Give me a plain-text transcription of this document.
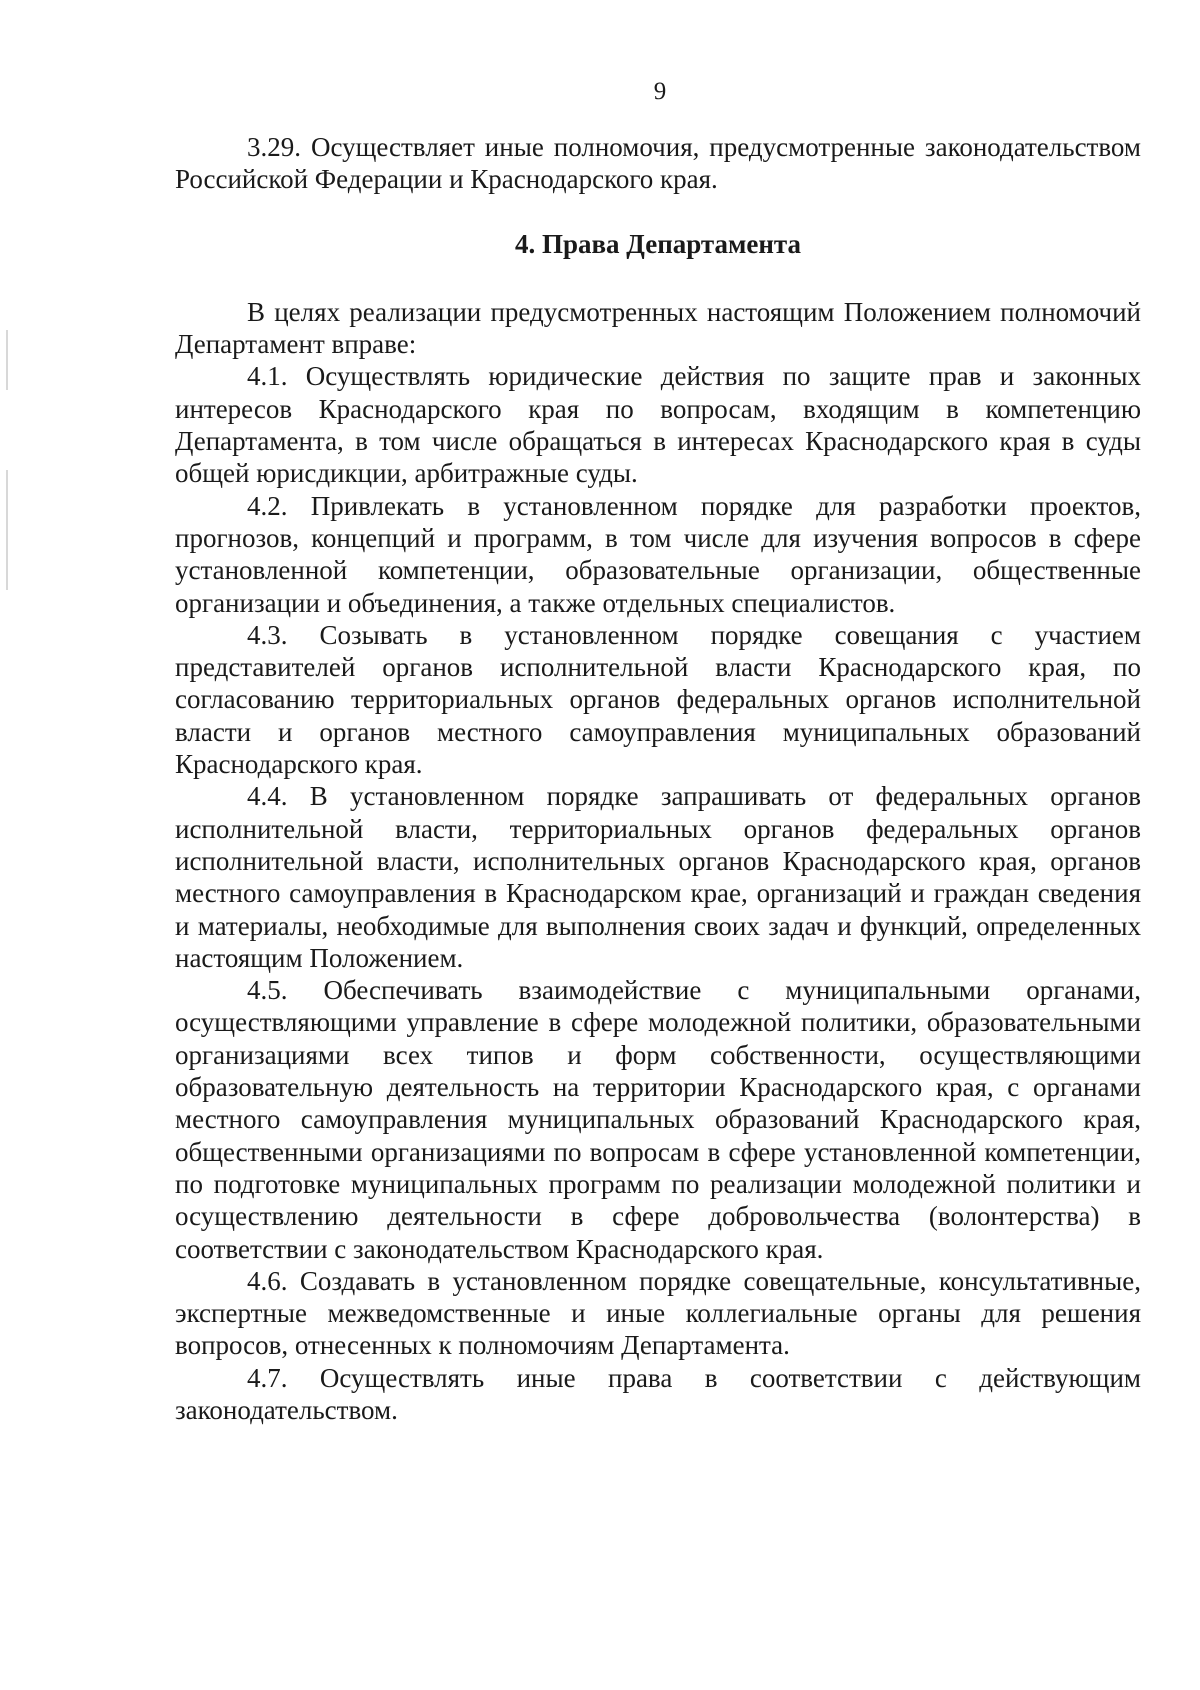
9

3.29. Осуществляет иные полномочия, предусмотренные законодательством Российской Федерации и Краснодарского края.

4. Права Департамента

В целях реализации предусмотренных настоящим Положением полномочий Департамент вправе:

4.1. Осуществлять юридические действия по защите прав и законных интересов Краснодарского края по вопросам, входящим в компетенцию Департамента, в том числе обращаться в интересах Краснодарского края в суды общей юрисдикции, арбитражные суды.

4.2. Привлекать в установленном порядке для разработки проектов, прогнозов, концепций и программ, в том числе для изучения вопросов в сфере установленной компетенции, образовательные организации, общественные организации и объединения, а также отдельных специалистов.

4.3. Созывать в установленном порядке совещания с участием представителей органов исполнительной власти Краснодарского края, по согласованию территориальных органов федеральных органов исполнительной власти и органов местного самоуправления муниципальных образований Краснодарского края.

4.4. В установленном порядке запрашивать от федеральных органов исполнительной власти, территориальных органов федеральных органов исполнительной власти, исполнительных органов Краснодарского края, органов местного самоуправления в Краснодарском крае, организаций и граждан сведения и материалы, необходимые для выполнения своих задач и функций, определенных настоящим Положением.

4.5. Обеспечивать взаимодействие с муниципальными органами, осуществляющими управление в сфере молодежной политики, образовательными организациями всех типов и форм собственности, осуществляющими образовательную деятельность на территории Краснодарского края, с органами местного самоуправления муниципальных образований Краснодарского края, общественными организациями по вопросам в сфере установленной компетенции, по подготовке муниципальных программ по реализации молодежной политики и осуществлению деятельности в сфере добровольчества (волонтерства) в соответствии с законодательством Краснодарского края.

4.6. Создавать в установленном порядке совещательные, консультативные, экспертные межведомственные и иные коллегиальные органы для решения вопросов, отнесенных к полномочиям Департамента.

4.7. Осуществлять иные права в соответствии с действующим законодательством.
